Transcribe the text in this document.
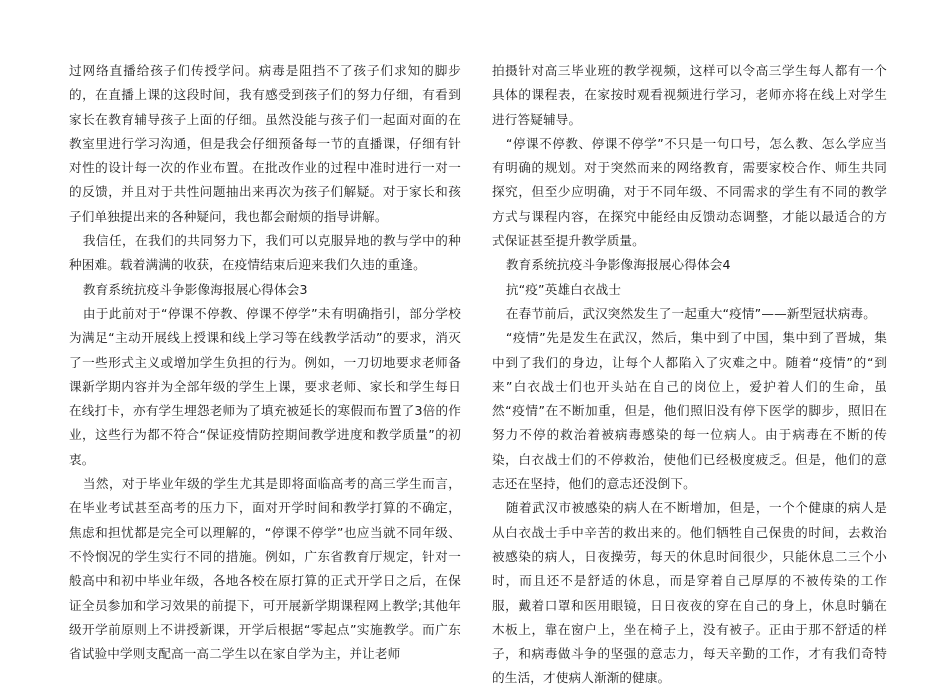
过网络直播给孩子们传授学问。病毒是阻挡不了孩子们求知的脚步的，在直播上课的这段时间，我有感受到孩子们的努力仔细，有看到家长在教育辅导孩子上面的仔细。虽然没能与孩子们一起面对面的在教室里进行学习沟通，但是我会仔细预备每一节的直播课，仔细有针对性的设计每一次的作业布置。在批改作业的过程中准时进行一对一的反馈，并且对于共性问题抽出来再次为孩子们解疑。对于家长和孩子们单独提出来的各种疑问，我也都会耐烦的指导讲解。

我信任，在我们的共同努力下，我们可以克服异地的教与学中的种种困难。载着满满的收获，在疫情结束后迎来我们久违的重逢。

教育系统抗疫斗争影像海报展心得体会3

由于此前对于“停课不停教、停课不停学”未有明确指引，部分学校为满足“主动开展线上授课和线上学习等在线教学活动”的要求，消灭了一些形式主义或增加学生负担的行为。例如，一刀切地要求老师备课新学期内容并为全部年级的学生上课，要求老师、家长和学生每日在线打卡，亦有学生埋怨老师为了填充被延长的寒假而布置了3倍的作业，这些行为都不符合“保证疫情防控期间教学进度和教学质量”的初衷。

当然，对于毕业年级的学生尤其是即将面临高考的高三学生而言，在毕业考试甚至高考的压力下，面对开学时间和教学打算的不确定，焦虑和担忧都是完全可以理解的，“停课不停学”也应当就不同年级、不怜悯况的学生实行不同的措施。例如，广东省教育厅规定，针对一般高中和初中毕业年级，各地各校在原打算的正式开学日之后，在保证全员参加和学习效果的前提下，可开展新学期课程网上教学;其他年级开学前原则上不讲授新课，开学后根据“零起点”实施教学。而广东省试验中学则支配高一高二学生以在家自学为主，并让老师

拍摄针对高三毕业班的教学视频，这样可以令高三学生每人都有一个具体的课程表，在家按时观看视频进行学习，老师亦将在线上对学生进行答疑辅导。

“停课不停教、停课不停学”不只是一句口号，怎么教、怎么学应当有明确的规划。对于突然而来的网络教育，需要家校合作、师生共同探究，但至少应明确，对于不同年级、不同需求的学生有不同的教学方式与课程内容，在探究中能经由反馈动态调整，才能以最适合的方式保证甚至提升教学质量。

教育系统抗疫斗争影像海报展心得体会4

抗“疫”英雄白衣战士

在春节前后，武汉突然发生了一起重大“疫情”——新型冠状病毒。

“疫情”先是发生在武汉，然后，集中到了中国，集中到了晋城，集中到了我们的身边，让每个人都陷入了灾难之中。随着“疫情”的“到来”白衣战士们也开头站在自己的岗位上，爱护着人们的生命，虽然“疫情”在不断加重，但是，他们照旧没有停下医学的脚步，照旧在努力不停的救治着被病毒感染的每一位病人。由于病毒在不断的传染，白衣战士们的不停救治，使他们已经极度疲乏。但是，他们的意志还在坚持，他们的意志还没倒下。

随着武汉市被感染的病人在不断增加，但是，一个个健康的病人是从白衣战士手中辛苦的救出来的。他们牺牲自己保贵的时间，去救治被感染的病人，日夜操劳，每天的休息时间很少，只能休息二三个小时，而且还不是舒适的休息，而是穿着自己厚厚的不被传染的工作服，戴着口罩和医用眼镜，日日夜夜的穿在自己的身上，休息时躺在木板上，靠在窗户上，坐在椅子上，没有被子。正由于那不舒适的样子，和病毒做斗争的坚强的意志力，每天辛勤的工作，才有我们奇特的生活，才使病人渐渐的健康。
